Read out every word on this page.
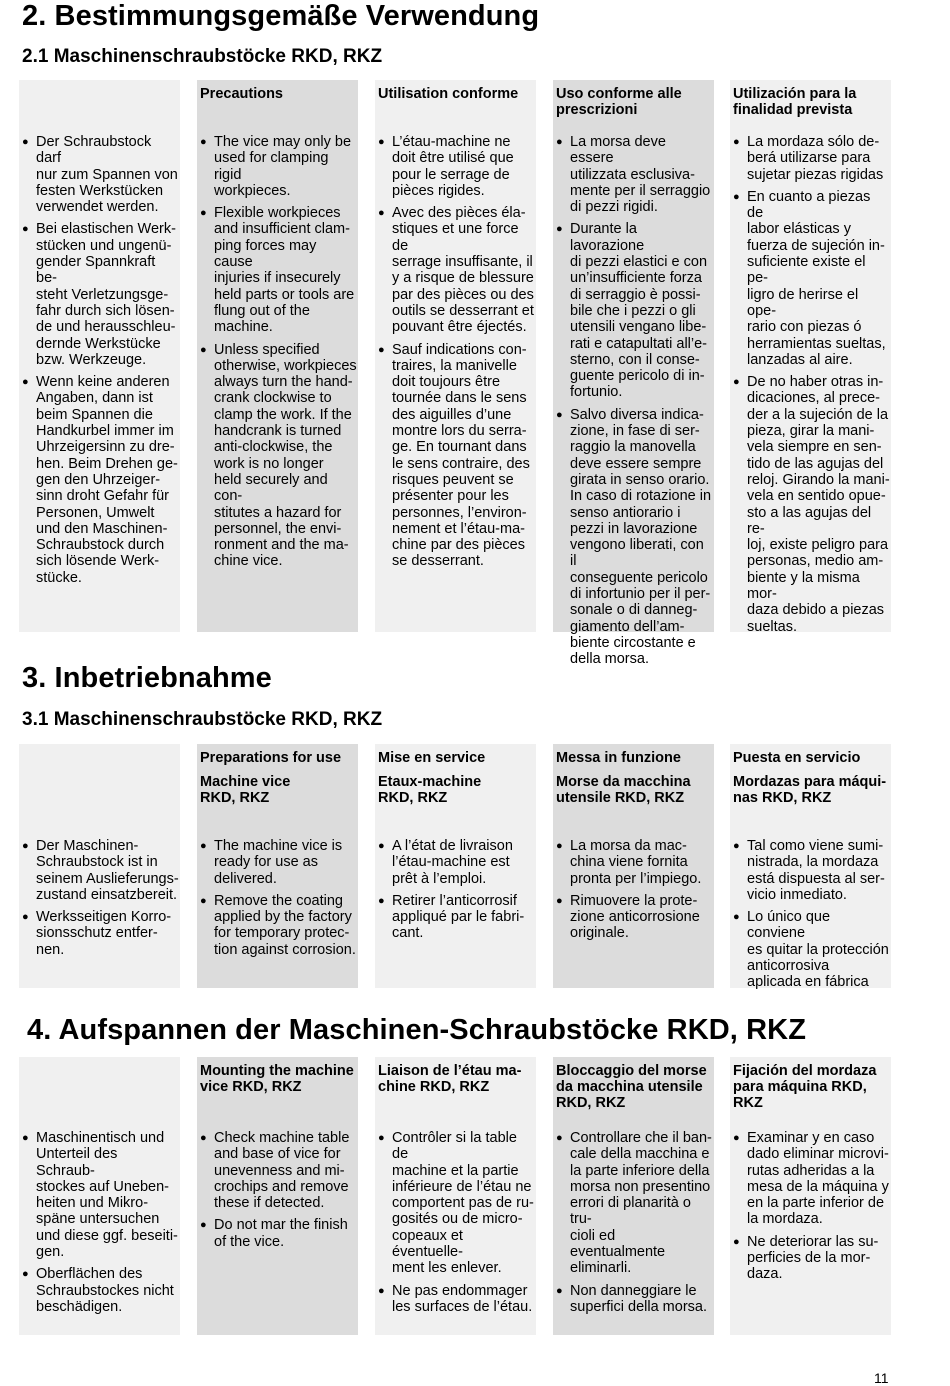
2. Bestimmungsgemäße Verwendung
2.1 Maschinenschraubstöcke RKD, RKZ
● Der Schraubstock darf
nur zum Spannen von
festen Werkstücken
verwendet werden.
● Bei elastischen Werk-
stücken und ungenü-
gender Spannkraft be-
steht Verletzungsge-
fahr durch sich lösen-
de und herausschleu-
dernde Werkstücke
bzw. Werkzeuge.
● Wenn keine anderen
Angaben, dann ist
beim Spannen die
Handkurbel immer im
Uhrzeigersinn zu dre-
hen. Beim Drehen ge-
gen den Uhrzeiger-
sinn droht Gefahr für
Personen, Umwelt
und den Maschinen-
Schraubstock durch
sich lösende Werk-
stücke.
Precautions
● The vice may only be
used for clamping rigid
workpieces.
● Flexible workpieces
and insufficient clam-
ping forces may cause
injuries if insecurely
held parts or tools are
flung out of the
machine.
● Unless specified
otherwise, workpieces
always turn the hand-
crank clockwise to
clamp the work. If the
handcrank is turned
anti-clockwise, the
work is no longer
held securely and con-
stitutes a hazard for
personnel, the envi-
ronment and the ma-
chine vice.
Utilisation conforme
● L’étau-machine ne
doit être utilisé que
pour le serrage de
pièces rigides.
● Avec des pièces éla-
stiques et une force de
serrage insuffisante, il
y a risque de blessure
par des pièces ou des
outils se desserrant et
pouvant être éjectés.
● Sauf indications con-
traires, la manivelle
doit toujours être
tournée dans le sens
des aiguilles d’une
montre lors du serra-
ge. En tournant dans
le sens contraire, des
risques peuvent se
présenter pour les
personnes, l’environ-
nement et l’étau-ma-
chine par des pièces
se desserrant.
Uso conforme alle
prescrizioni
● La morsa deve essere
utilizzata esclusiva-
mente per il serraggio
di pezzi rigidi.
● Durante la lavorazione
di pezzi elastici e con
un’insufficiente forza
di serraggio è possi-
bile che i pezzi o gli
utensili vengano libe-
rati e catapultati all’e-
sterno, con il conse-
guente pericolo di in-
fortunio.
● Salvo diversa indica-
zione, in fase di ser-
raggio la manovella
deve essere sempre
girata in senso orario.
In caso di rotazione in
senso antiorario i
pezzi in lavorazione
vengono liberati, con il
conseguente pericolo
di infortunio per il per-
sonale o di danneg-
giamento dell’am-
biente circostante e
della morsa.
Utilización para la
finalidad prevista
● La mordaza sólo de-
berá utilizarse para
sujetar piezas rigidas
● En cuanto a piezas de
labor elásticas y
fuerza de sujeción in-
suficiente existe el pe-
ligro de herirse el ope-
rario con piezas ó
herramientas sueltas,
lanzadas al aire.
● De no haber otras in-
dicaciones, al prece-
der a la sujeción de la
pieza, girar la mani-
vela siempre en sen-
tido de las agujas del
reloj. Girando la mani-
vela en sentido opue-
sto a las agujas del re-
loj, existe peligro para
personas, medio am-
biente y la misma mor-
daza debido a piezas
sueltas.
3. Inbetriebnahme
3.1 Maschinenschraubstöcke RKD, RKZ
● Der Maschinen-
Schraubstock ist in
seinem Auslieferungs-
zustand einsatzbereit.
● Werksseitigen Korro-
sionsschutz entfer-
nen.
Preparations for use
Machine vice
RKD, RKZ
● The machine vice is
ready for use as
delivered.
● Remove the coating
applied by the factory
for temporary protec-
tion against corrosion.
Mise en service
Etaux-machine
RKD, RKZ
● A l’état de livraison
l’étau-machine est
prêt à l’emploi.
● Retirer l’anticorrosif
appliqué par le fabri-
cant.
Messa in funzione
Morse da macchina
utensile RKD, RKZ
● La morsa da mac-
china viene fornita
pronta per l’impiego.
● Rimuovere la prote-
zione anticorrosione
originale.
Puesta en servicio
Mordazas para máqui-
nas RKD, RKZ
● Tal como viene sumi-
nistrada, la mordaza
está dispuesta al ser-
vicio inmediato.
● Lo único que conviene
es quitar la protección
anticorrosiva
aplicada en fábrica
4. Aufspannen der Maschinen-Schraubstöcke RKD, RKZ
● Maschinentisch und
Unterteil des Schraub-
stockes auf Uneben-
heiten und Mikro-
späne untersuchen
und diese ggf. beseiti-
gen.
● Oberflächen des
Schraubstockes nicht
beschädigen.
Mounting the machine
vice RKD, RKZ
● Check machine table
and base of vice for
unevenness and mi-
crochips and remove
these if detected.
● Do not mar the finish
of the vice.
Liaison de l’étau ma-
chine RKD, RKZ
● Contrôler si la table de
machine et la partie
inférieure de l’étau ne
comportent pas de ru-
gosités ou de micro-
copeaux et éventuelle-
ment les enlever.
● Ne pas endommager
les surfaces de l’étau.
Bloccaggio del morse
da macchina utensile
RKD, RKZ
● Controllare che il ban-
cale della macchina e
la parte inferiore della
morsa non presentino
errori di planarità o tru-
cioli ed eventualmente
eliminarli.
● Non danneggiare le
superfici della morsa.
Fijación del mordaza
para máquina RKD,
RKZ
● Examinar y en caso
dado eliminar microvi-
rutas adheridas a la
mesa de la máquina y
en la parte inferior de
la mordaza.
● Ne deteriorar las su-
perficies de la mor-
daza.
11
